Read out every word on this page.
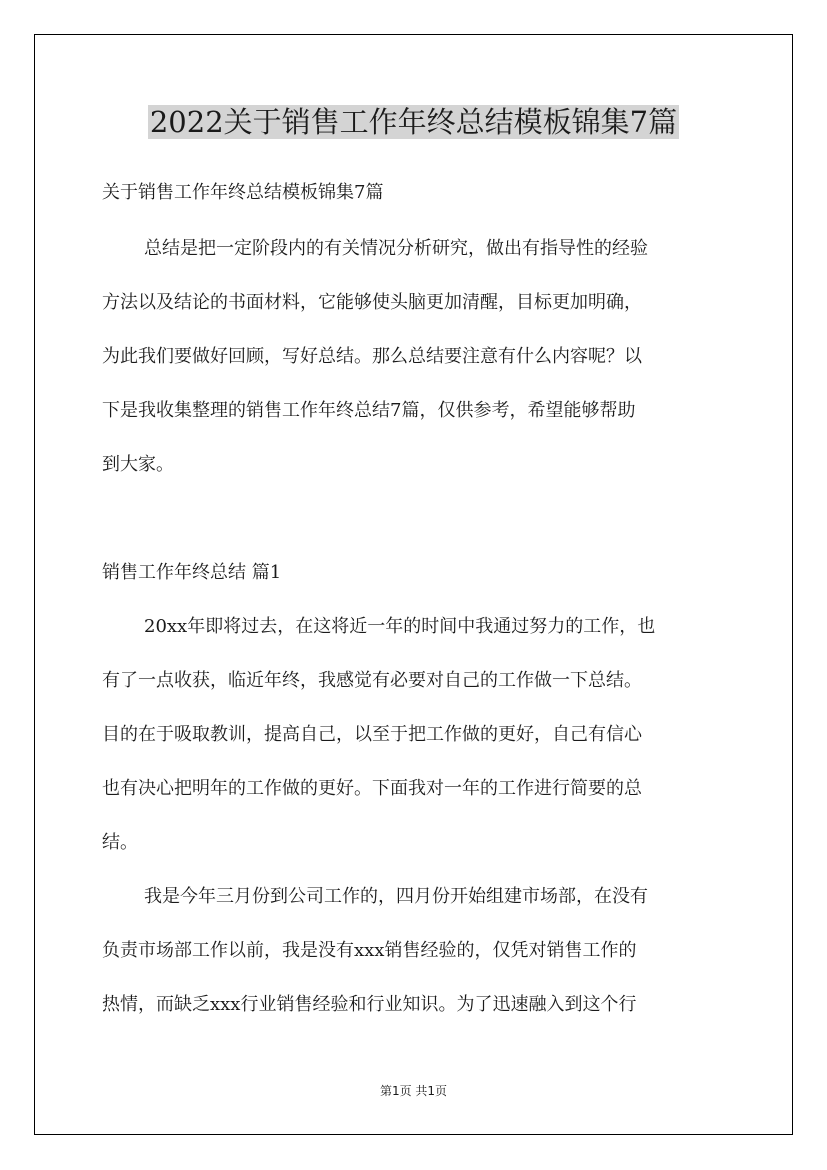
2022关于销售工作年终总结模板锦集7篇
关于销售工作年终总结模板锦集7篇
总结是把一定阶段内的有关情况分析研究，做出有指导性的经验
方法以及结论的书面材料，它能够使头脑更加清醒，目标更加明确，
为此我们要做好回顾，写好总结。那么总结要注意有什么内容呢？以
下是我收集整理的销售工作年终总结7篇，仅供参考，希望能够帮助
到大家。
销售工作年终总结 篇1
20xx年即将过去，在这将近一年的时间中我通过努力的工作，也
有了一点收获，临近年终，我感觉有必要对自己的工作做一下总结。
目的在于吸取教训，提高自己，以至于把工作做的更好，自己有信心
也有决心把明年的工作做的更好。下面我对一年的工作进行简要的总
结。
我是今年三月份到公司工作的，四月份开始组建市场部，在没有
负责市场部工作以前，我是没有xxx销售经验的，仅凭对销售工作的
热情，而缺乏xxx行业销售经验和行业知识。为了迅速融入到这个行
第1页 共1页
